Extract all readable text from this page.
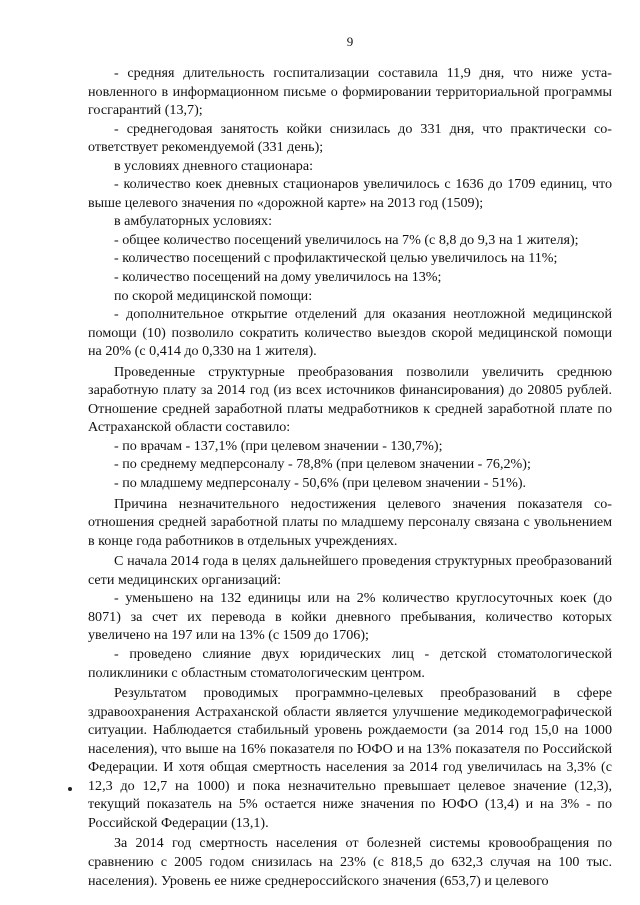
9

- средняя длительность госпитализации составила 11,9 дня, что ниже установленного в информационном письме о формировании территориальной программы госгарантий (13,7);

- среднегодовая занятость койки снизилась до 331 дня, что практически соответствует рекомендуемой (331 день);

в условиях дневного стационара:

- количество коек дневных стационаров увеличилось с 1636 до 1709 единиц, что выше целевого значения по «дорожной карте» на 2013 год (1509);

в амбулаторных условиях:

- общее количество посещений увеличилось на 7% (с 8,8 до 9,3 на 1 жителя);

- количество посещений с профилактической целью увеличилось на 11%;

- количество посещений на дому увеличилось на 13%;

по скорой медицинской помощи:

- дополнительное открытие отделений для оказания неотложной медицинской помощи (10) позволило сократить количество выездов скорой медицинской помощи на 20% (с 0,414 до 0,330 на 1 жителя).

Проведенные структурные преобразования позволили увеличить среднюю заработную плату за 2014 год (из всех источников финансирования) до 20805 рублей. Отношение средней заработной платы медработников к средней заработной плате по Астраханской области составило:

- по врачам - 137,1% (при целевом значении - 130,7%);

- по среднему медперсоналу - 78,8% (при целевом значении - 76,2%);

- по младшему медперсоналу - 50,6% (при целевом значении - 51%).

Причина незначительного недостижения целевого значения показателя соотношения средней заработной платы по младшему персоналу связана с увольнением в конце года работников в отдельных учреждениях.

С начала 2014 года в целях дальнейшего проведения структурных преобразований сети медицинских организаций:

- уменьшено на 132 единицы или на 2% количество круглосуточных коек (до 8071) за счет их перевода в койки дневного пребывания, количество которых увеличено на 197 или на 13% (с 1509 до 1706);

- проведено слияние двух юридических лиц - детской стоматологической поликлиники с областным стоматологическим центром.

Результатом проводимых программно-целевых преобразований в сфере здравоохранения Астраханской области является улучшение медикодемографической ситуации. Наблюдается стабильный уровень рождаемости (за 2014 год 15,0 на 1000 населения), что выше на 16% показателя по ЮФО и на 13% показателя по Российской Федерации. И хотя общая смертность населения за 2014 год увеличилась на 3,3% (с 12,3 до 12,7 на 1000) и пока незначительно превышает целевое значение (12,3), текущий показатель на 5% остается ниже значения по ЮФО (13,4) и на 3% - по Российской Федерации (13,1).

За 2014 год смертность населения от болезней системы кровообращения по сравнению с 2005 годом снизилась на 23% (с 818,5 до 632,3 случая на 100 тыс. населения). Уровень ее ниже среднероссийского значения (653,7) и целевого
